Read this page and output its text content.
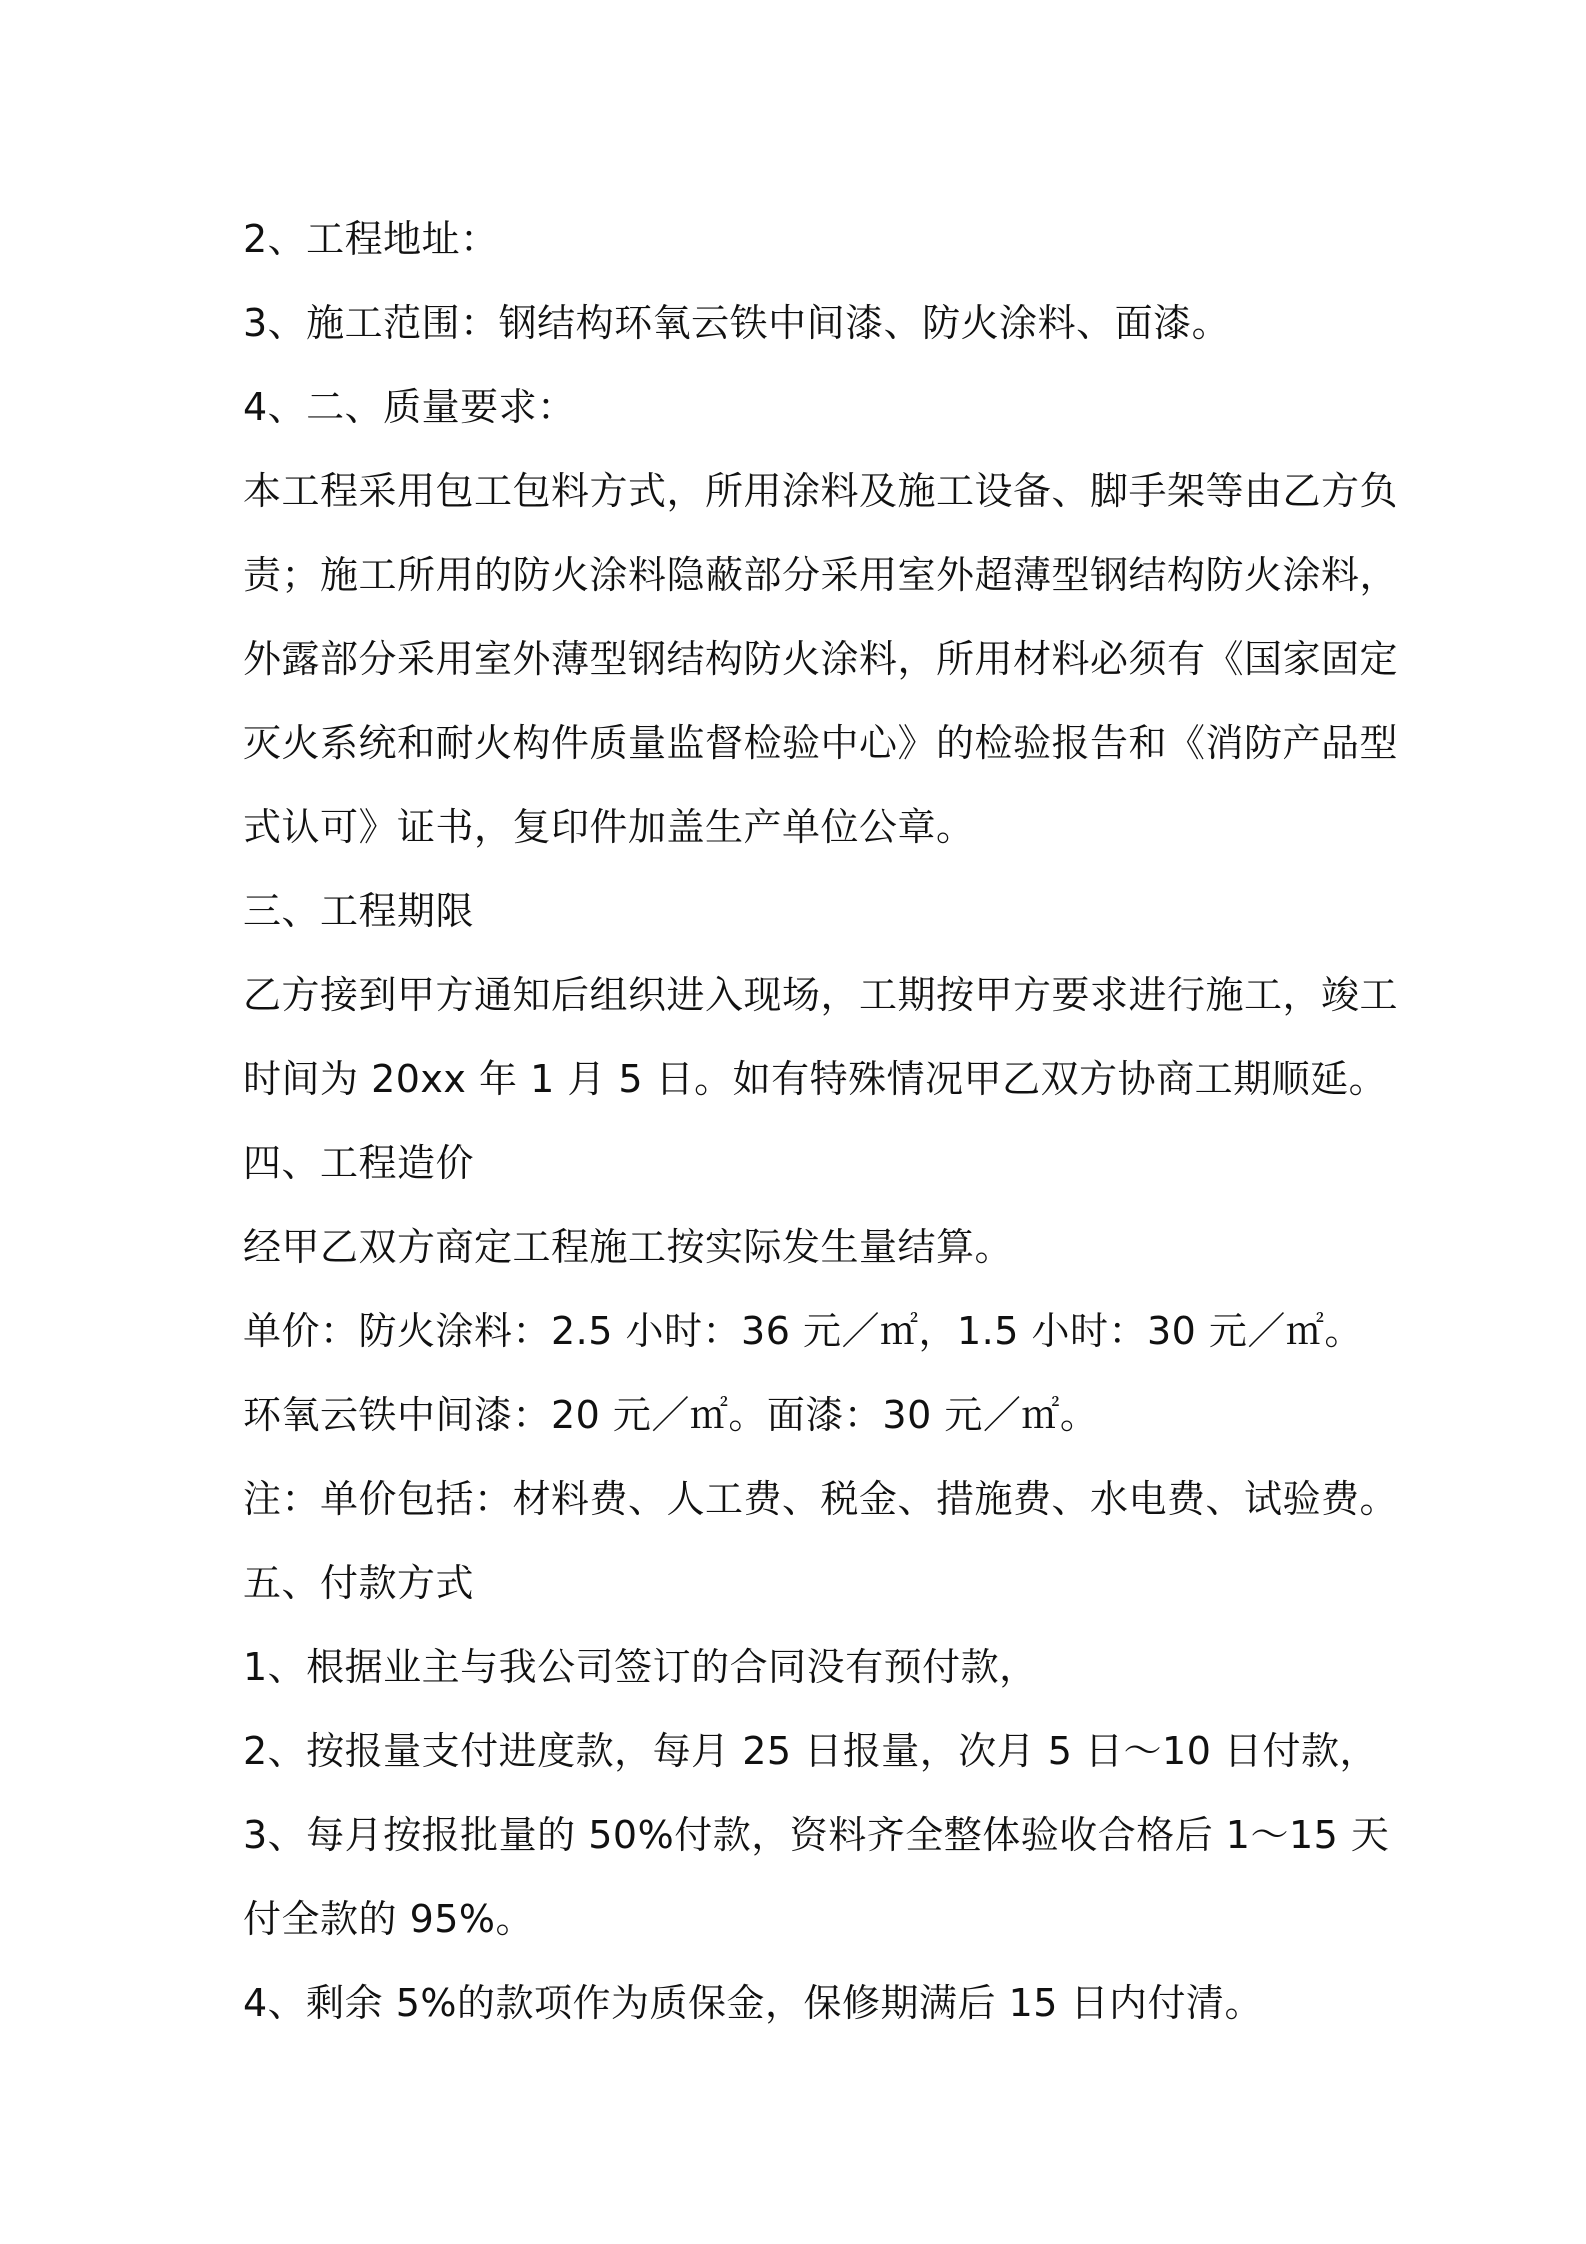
2、工程地址：
3、施工范围：钢结构环氧云铁中间漆、防火涂料、面漆。
4、二、质量要求：
本工程采用包工包料方式，所用涂料及施工设备、脚手架等由乙方负
责；施工所用的防火涂料隐蔽部分采用室外超薄型钢结构防火涂料，
外露部分采用室外薄型钢结构防火涂料，所用材料必须有《国家固定
灭火系统和耐火构件质量监督检验中心》的检验报告和《消防产品型
式认可》证书，复印件加盖生产单位公章。
三、工程期限
乙方接到甲方通知后组织进入现场，工期按甲方要求进行施工，竣工
时间为 20xx 年 1 月 5 日。如有特殊情况甲乙双方协商工期顺延。
四、工程造价
经甲乙双方商定工程施工按实际发生量结算。
单价：防火涂料：2.5 小时：36 元／㎡，1.5 小时：30 元／㎡。
环氧云铁中间漆：20 元／㎡。面漆：30 元／㎡。
注：单价包括：材料费、人工费、税金、措施费、水电费、试验费。
五、付款方式
1、根据业主与我公司签订的合同没有预付款，
2、按报量支付进度款，每月 25 日报量，次月 5 日～10 日付款，
3、每月按报批量的 50%付款，资料齐全整体验收合格后 1～15 天
付全款的 95%。
4、剩余 5%的款项作为质保金，保修期满后 15 日内付清。
